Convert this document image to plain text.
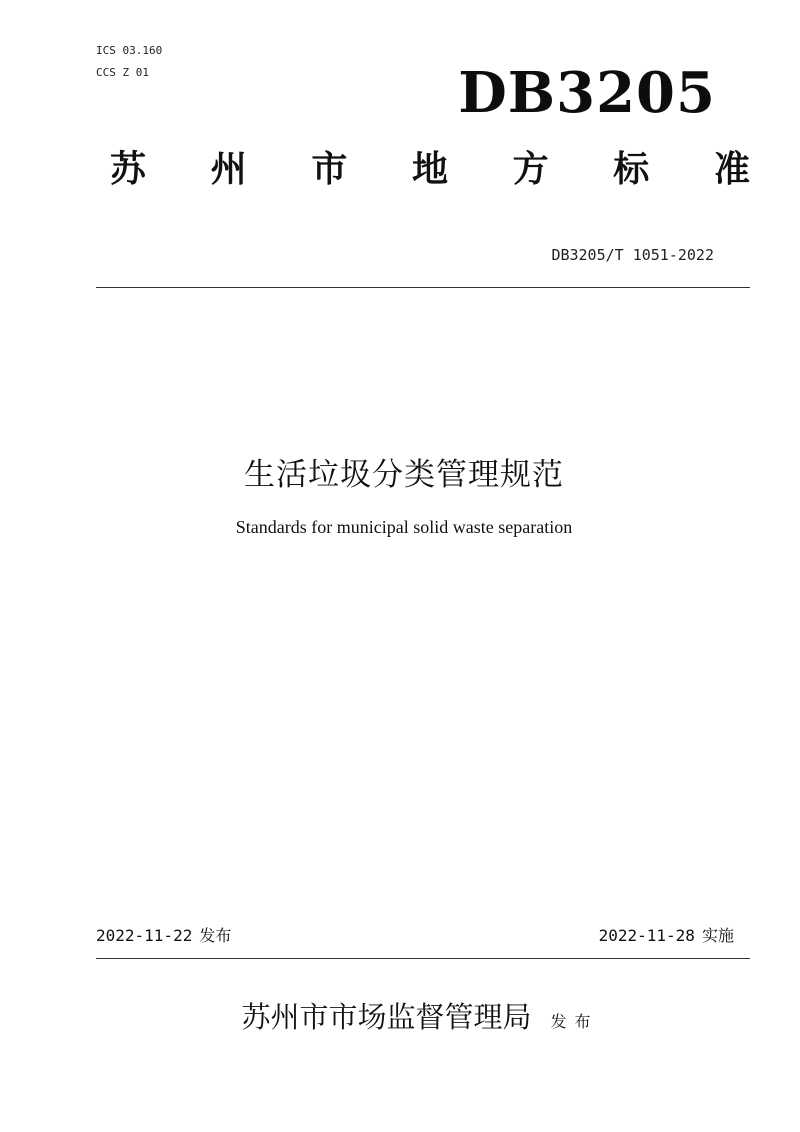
ICS 03.160
CCS Z 01	DB3205
苏 州 市 地 方 标 准
DB3205/T 1051-2022
生活垃圾分类管理规范
Standards for municipal solid waste separation
2022-11-22 发布	2022-11-28 实施
苏州市市场监督管理局 发布
